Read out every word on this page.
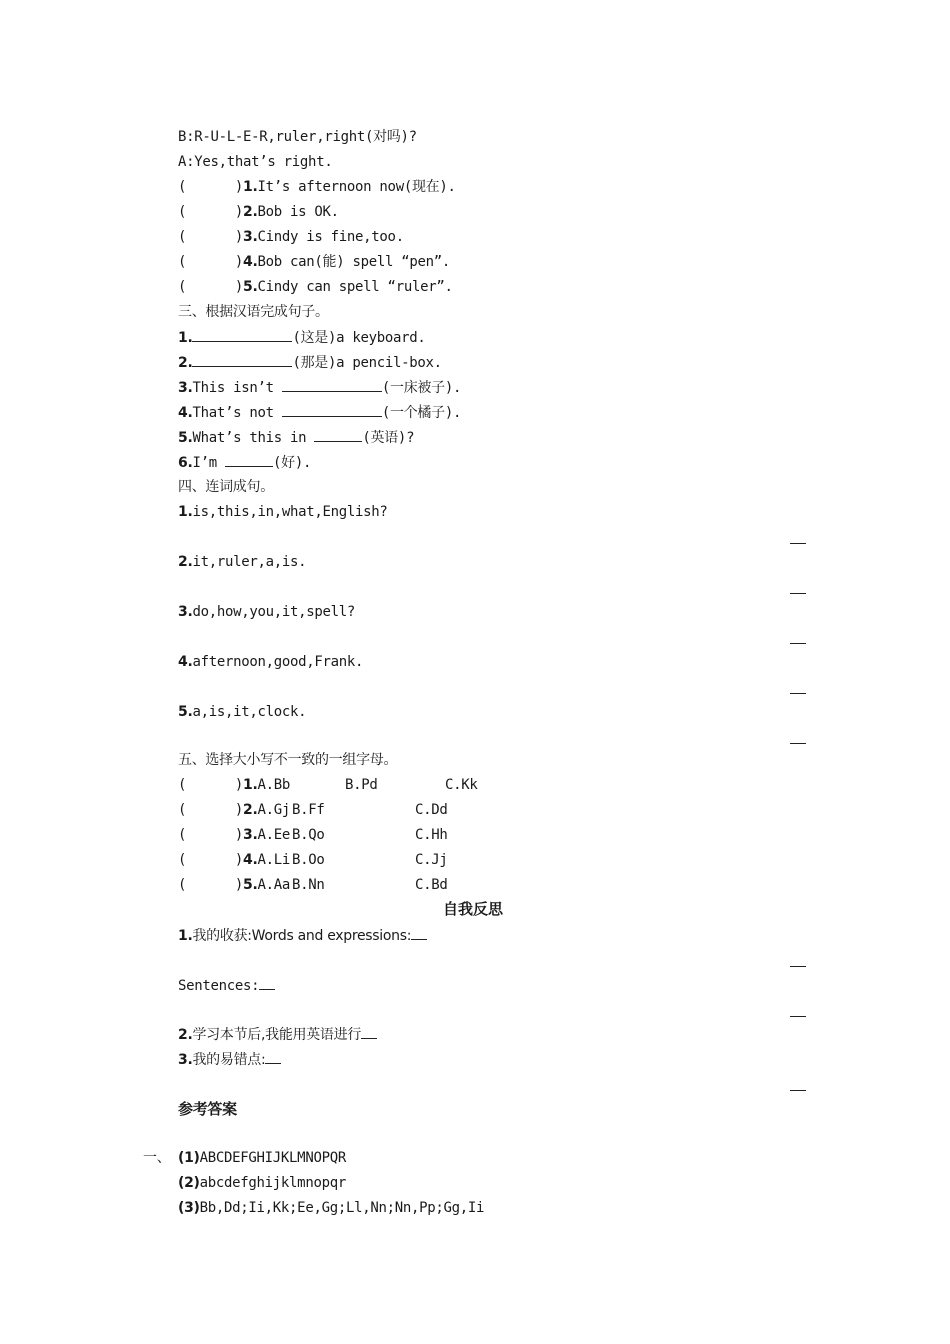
B:R-U-L-E-R,ruler,right(对吗)?
A:Yes,that’s right.
(      )1.It’s afternoon now(现在).
(      )2.Bob is OK.
(      )3.Cindy is fine,too.
(      )4.Bob can(能) spell “pen”.
(      )5.Cindy can spell “ruler”.
三、根据汉语完成句子。
1.	(这是)a keyboard.
2.	(那是)a pencil-box.
3.This isn’t	(一床被子).
4.That’s not	(一个橘子).
5.What’s this in	(英语)?
6.I’m	(好).
四、连词成句。
1.is,this,in,what,English?
2.it,ruler,a,is.
3.do,how,you,it,spell?
4.afternoon,good,Frank.
5.a,is,it,clock.
五、选择大小写不一致的一组字母。
(      )1.A.Bb	B.Pd	C.Kk
(      )2.A.Gj B.Ff	C.Dd
(      )3.A.Ee B.Qo	C.Hh
(      )4.A.Li B.Oo	C.Jj
(      )5.A.Aa B.Nn	C.Bd
自我反思
1.我的收获:Words and expressions:
Sentences:
2.学习本节后,我能用英语进行
3.我的易错点:
参考答案
一、 (1)ABCDEFGHIJKLMNOPQR
(2)abcdefghijklmnopqr
(3)Bb,Dd;Ii,Kk;Ee,Gg;Ll,Nn;Nn,Pp;Gg,Ii
